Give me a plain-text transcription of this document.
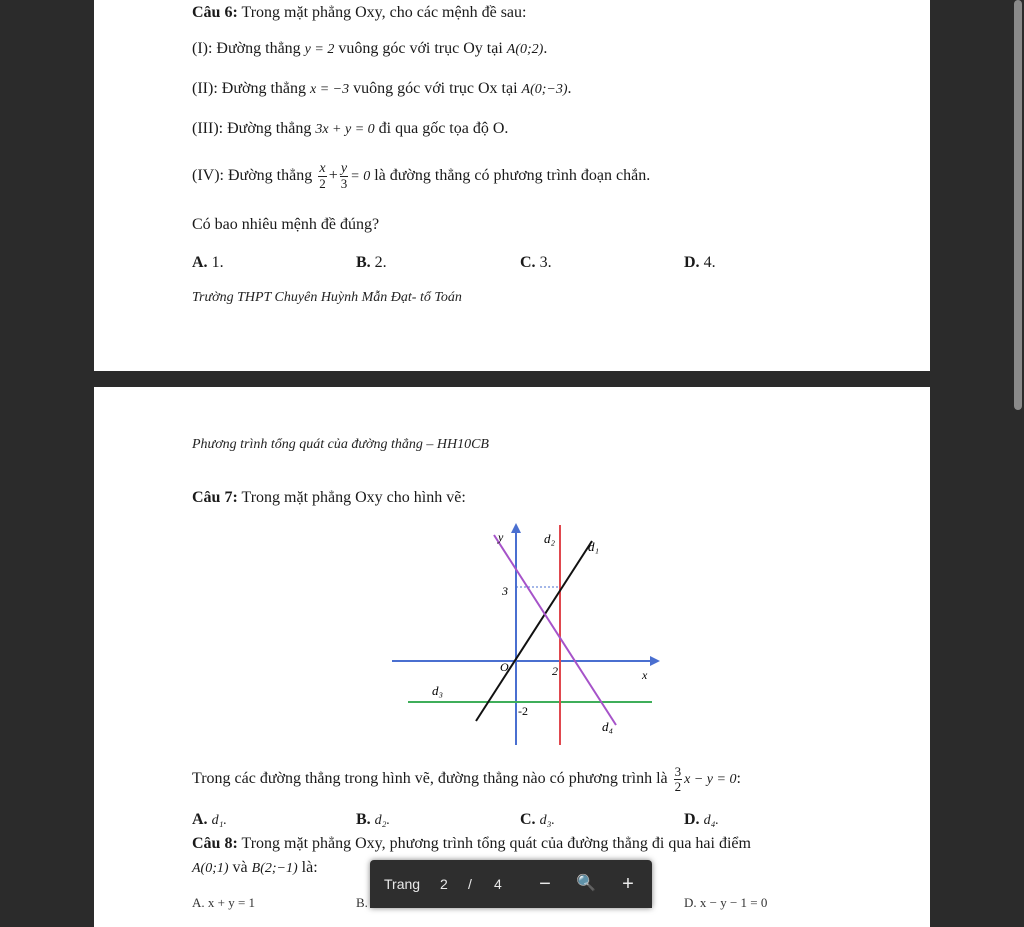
Câu 6: Trong mặt phẳng Oxy, cho các mệnh đề sau:
(I): Đường thẳng y = 2 vuông góc với trục Oy tại A(0;2).
(II): Đường thẳng x = −3 vuông góc với trục Ox tại A(0;−3).
(III): Đường thẳng 3x + y = 0 đi qua gốc tọa độ O.
(IV): Đường thẳng $\frac{x}{2} + \frac{y}{3} = 0$ là đường thẳng có phương trình đoạn chắn.
Có bao nhiêu mệnh đề đúng?
A. 1.	B. 2.	C. 3.	D. 4.
Trường THPT Chuyên Huỳnh Mẫn Đạt- tổ Toán
Phương trình tổng quát của đường thẳng – HH10CB
Câu 7: Trong mặt phẳng Oxy cho hình vẽ:
y
x
O
3
2
-2
d₁
d₂
d₃
d₄
Trong các đường thẳng trong hình vẽ, đường thẳng nào có phương trình là $\frac{3}{2}$ x − y = 0:
A. d₁.	B. d₂.	C. d₃.	D. d₄.
Câu 8: Trong mặt phẳng Oxy, phương trình tổng quát của đường thẳng đi qua hai điểm
A(0;1) và B(2;−1) là:
A. x + y = 1	B.	D. x − y − 1 = 0
Trang 2 / 4	−	🔍	+
